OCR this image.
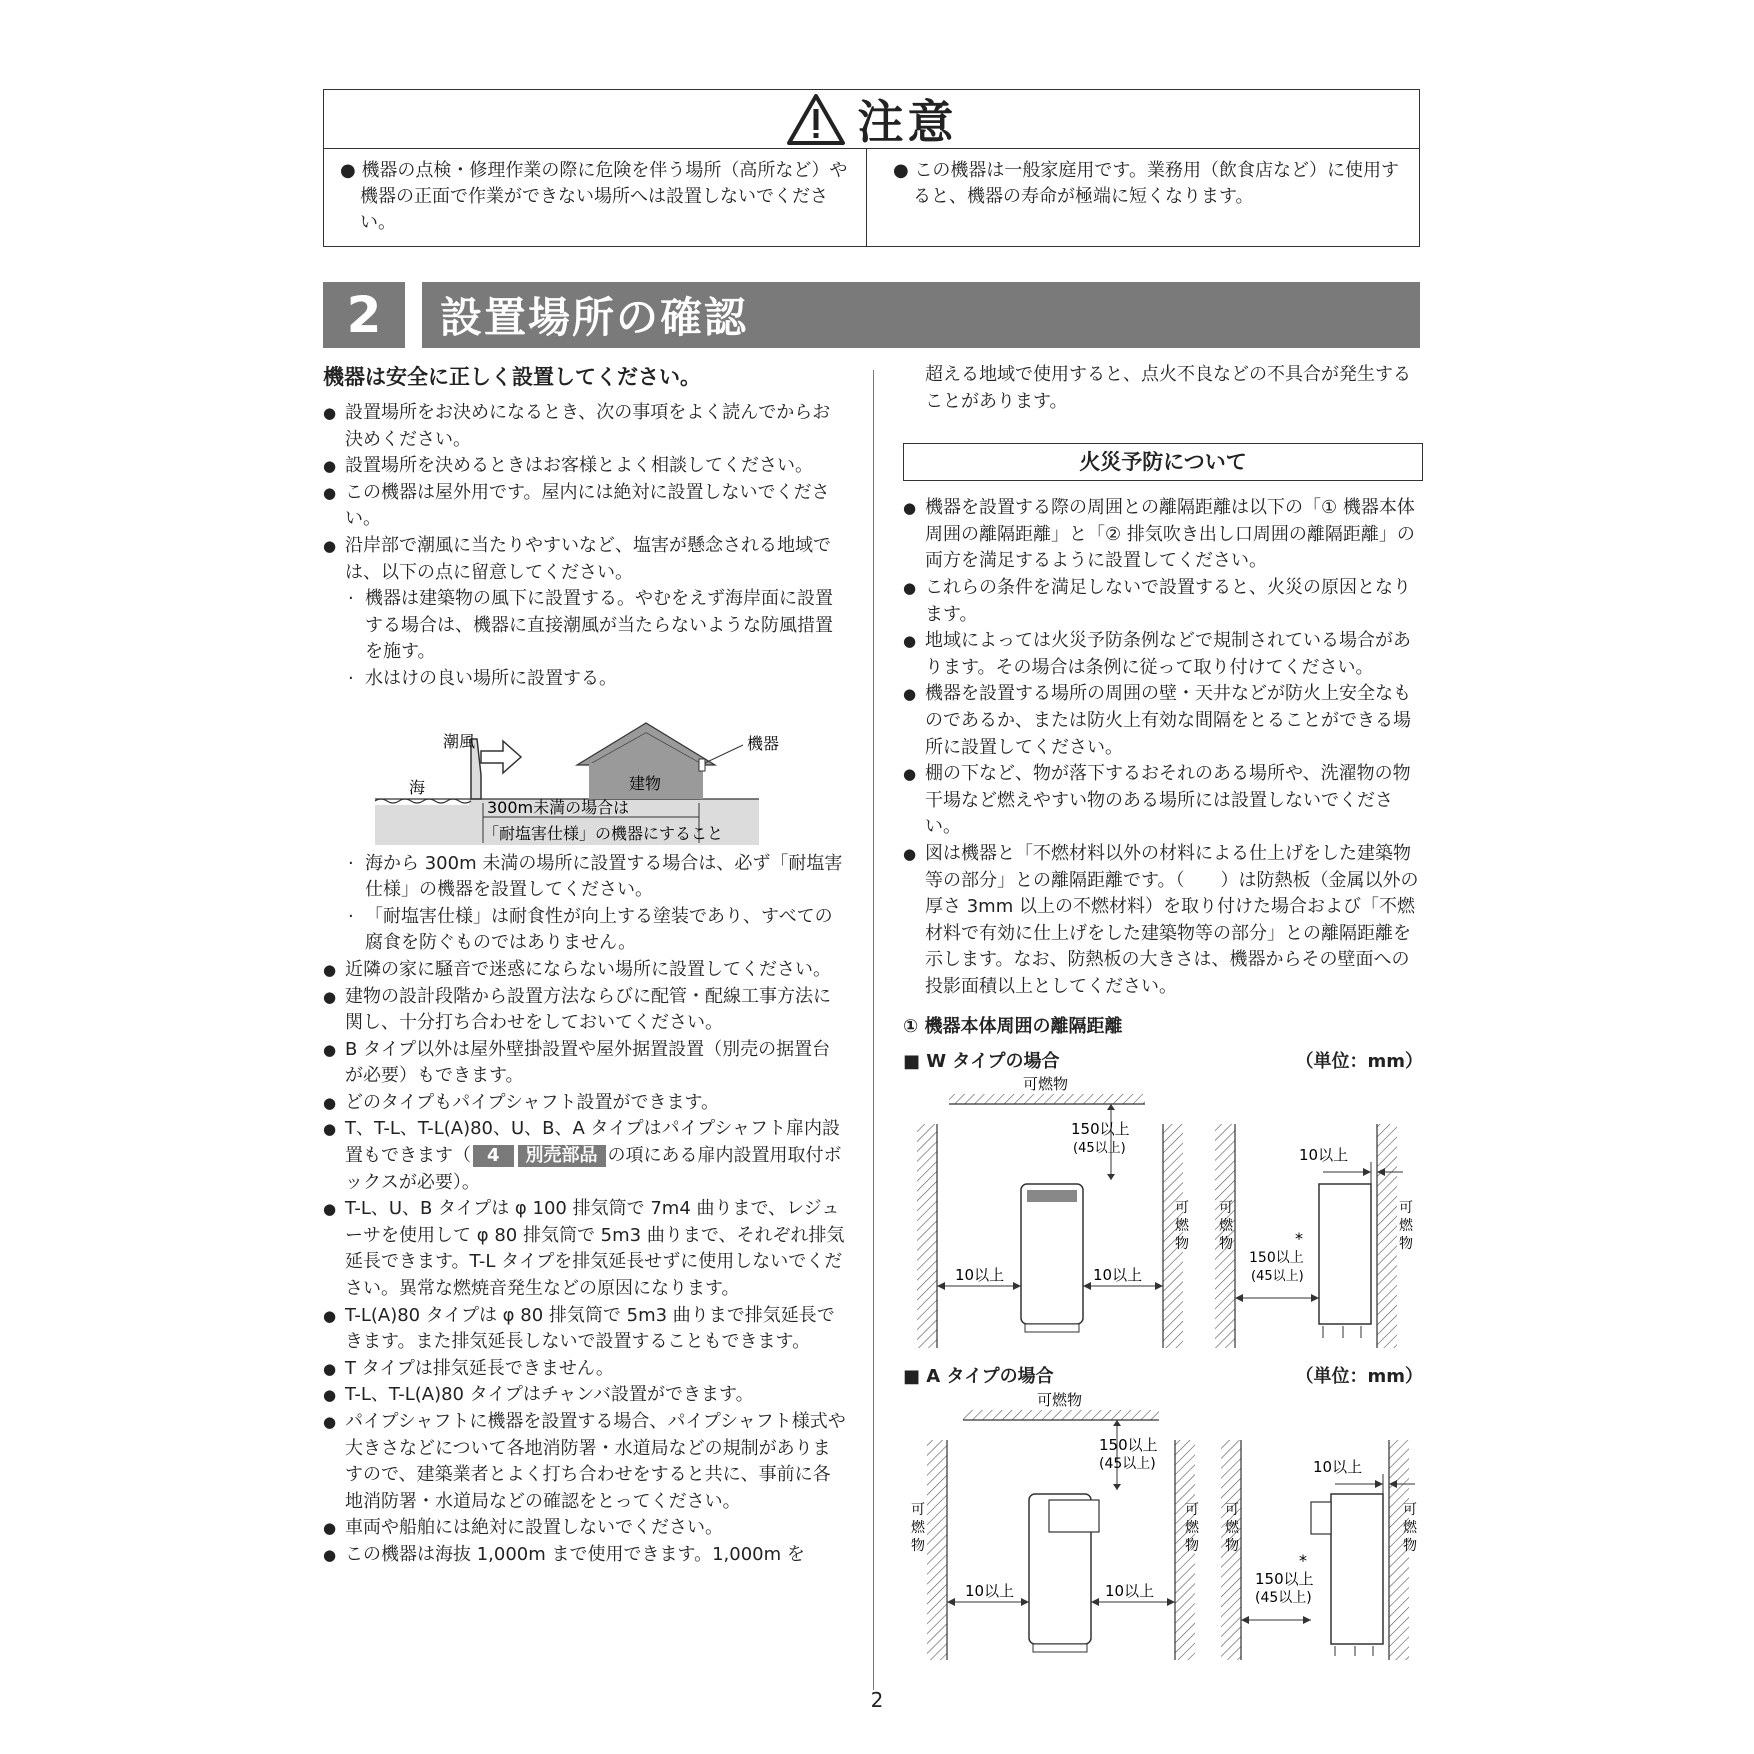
注意
● 機器の点検・修理作業の際に危険を伴う場所（高所など）や機器の正面で作業ができない場所へは設置しないでください。
● この機器は一般家庭用です。業務用（飲食店など）に使用すると、機器の寿命が極端に短くなります。
2	設置場所の確認
機器は安全に正しく設置してください。
● 設置場所をお決めになるとき、次の事項をよく読んでからお決めください。
● 設置場所を決めるときはお客様とよく相談してください。
● この機器は屋外用です。屋内には絶対に設置しないでください。
● 沿岸部で潮風に当たりやすいなど、塩害が懸念される地域では、以下の点に留意してください。
· 機器は建築物の風下に設置する。やむをえず海岸面に設置する場合は、機器に直接潮風が当たらないような防風措置を施す。
· 水はけの良い場所に設置する。
潮風
海	建物
機器
300m未満の場合は
「耐塩害仕様」の機器にすること
· 海から 300m 未満の場所に設置する場合は、必ず「耐塩害仕様」の機器を設置してください。
· 「耐塩害仕様」は耐食性が向上する塗装であり、すべての腐食を防ぐものではありません。
● 近隣の家に騒音で迷惑にならない場所に設置してください。
● 建物の設計段階から設置方法ならびに配管・配線工事方法に関し、十分打ち合わせをしておいてください。
● B タイプ以外は屋外壁掛設置や屋外据置設置（別売の据置台が必要）もできます。
● どのタイプもパイプシャフト設置ができます。
● T、T-L、T-L(A)80、U、B、A タイプはパイプシャフト扉内設置もできます（ 4 別売部品 の項にある扉内設置用取付ボックスが必要）。
● T-L、U、B タイプは φ 100 排気筒で 7m4 曲りまで、レジューサを使用して φ 80 排気筒で 5m3 曲りまで、それぞれ排気延長できます。T-L タイプを排気延長せずに使用しないでください。異常な燃焼音発生などの原因になります。
● T-L(A)80 タイプは φ 80 排気筒で 5m3 曲りまで排気延長できます。また排気延長しないで設置することもできます。
● T タイプは排気延長できません。
● T-L、T-L(A)80 タイプはチャンバ設置ができます。
● パイプシャフトに機器を設置する場合、パイプシャフト様式や大きさなどについて各地消防署・水道局などの規制がありますので、建築業者とよく打ち合わせをすると共に、事前に各地消防署・水道局などの確認をとってください。
● 車両や船舶には絶対に設置しないでください。
● この機器は海抜 1,000m まで使用できます。1,000m を
超える地域で使用すると、点火不良などの不具合が発生することがあります。
火災予防について
● 機器を設置する際の周囲との離隔距離は以下の「① 機器本体周囲の離隔距離」と「② 排気吹き出し口周囲の離隔距離」の両方を満足するように設置してください。
● これらの条件を満足しないで設置すると、火災の原因となります。
● 地域によっては火災予防条例などで規制されている場合があります。その場合は条例に従って取り付けてください。
● 機器を設置する場所の周囲の壁・天井などが防火上安全なものであるか、または防火上有効な間隔をとることができる場所に設置してください。
● 棚の下など、物が落下するおそれのある場所や、洗濯物の物干場など燃えやすい物のある場所には設置しないでください。
● 図は機器と「不燃材料以外の材料による仕上げをした建築物等の部分」との離隔距離です。（　　）は防熱板（金属以外の厚さ 3mm 以上の不燃材料）を取り付けた場合および「不燃材料で有効に仕上げをした建築物等の部分」との離隔距離を示します。なお、防熱板の大きさは、機器からその壁面への投影面積以上としてください。
① 機器本体周囲の離隔距離
■ W タイプの場合	（単位：mm）
可燃物
150以上
(45以上)
10以上	10以上
可
燃
物
10以上
*
150以上
(45以上)
可
燃
物
可
燃
物
■ A タイプの場合	（単位：mm）
可燃物
150以上
(45以上)
10以上	10以上
可
燃
物
可
燃
物
10以上
*
150以上
(45以上)
可
燃
物
可
燃
物
2
